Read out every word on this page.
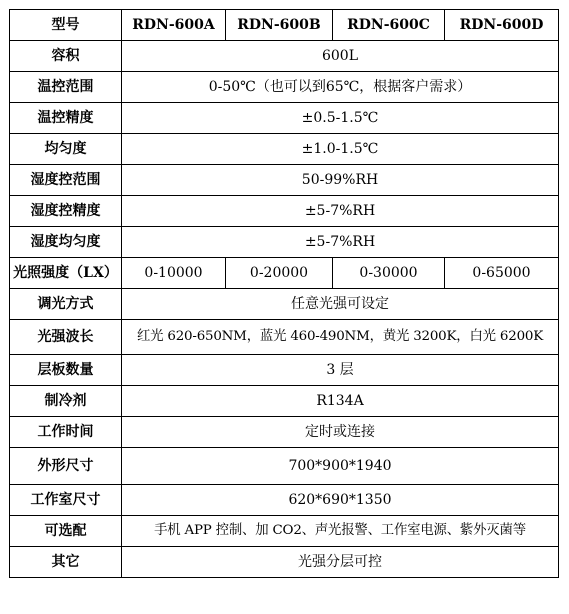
型号	RDN-600A	RDN-600B	RDN-600C	RDN-600D
容积	600L			
温控范围	0-50℃（也可以到65℃，根据客户需求）			
温控精度	±0.5-1.5℃			
均匀度	±1.0-1.5℃			
湿度控范围	50-99%RH			
湿度控精度	±5-7%RH			
湿度均匀度	±5-7%RH			
光照强度（LX）	0-10000	0-20000	0-30000	0-65000
调光方式	任意光强可设定			
光强波长	红光 620-650NM，蓝光 460-490NM，黄光 3200K，白光 6200K			
层板数量	3 层			
制冷剂	R134A			
工作时间	定时或连接			
外形尺寸	700*900*1940			
工作室尺寸	620*690*1350			
可选配	手机 APP 控制、加 CO2、声光报警、工作室电源、紫外灭菌等			
其它	光强分层可控			
